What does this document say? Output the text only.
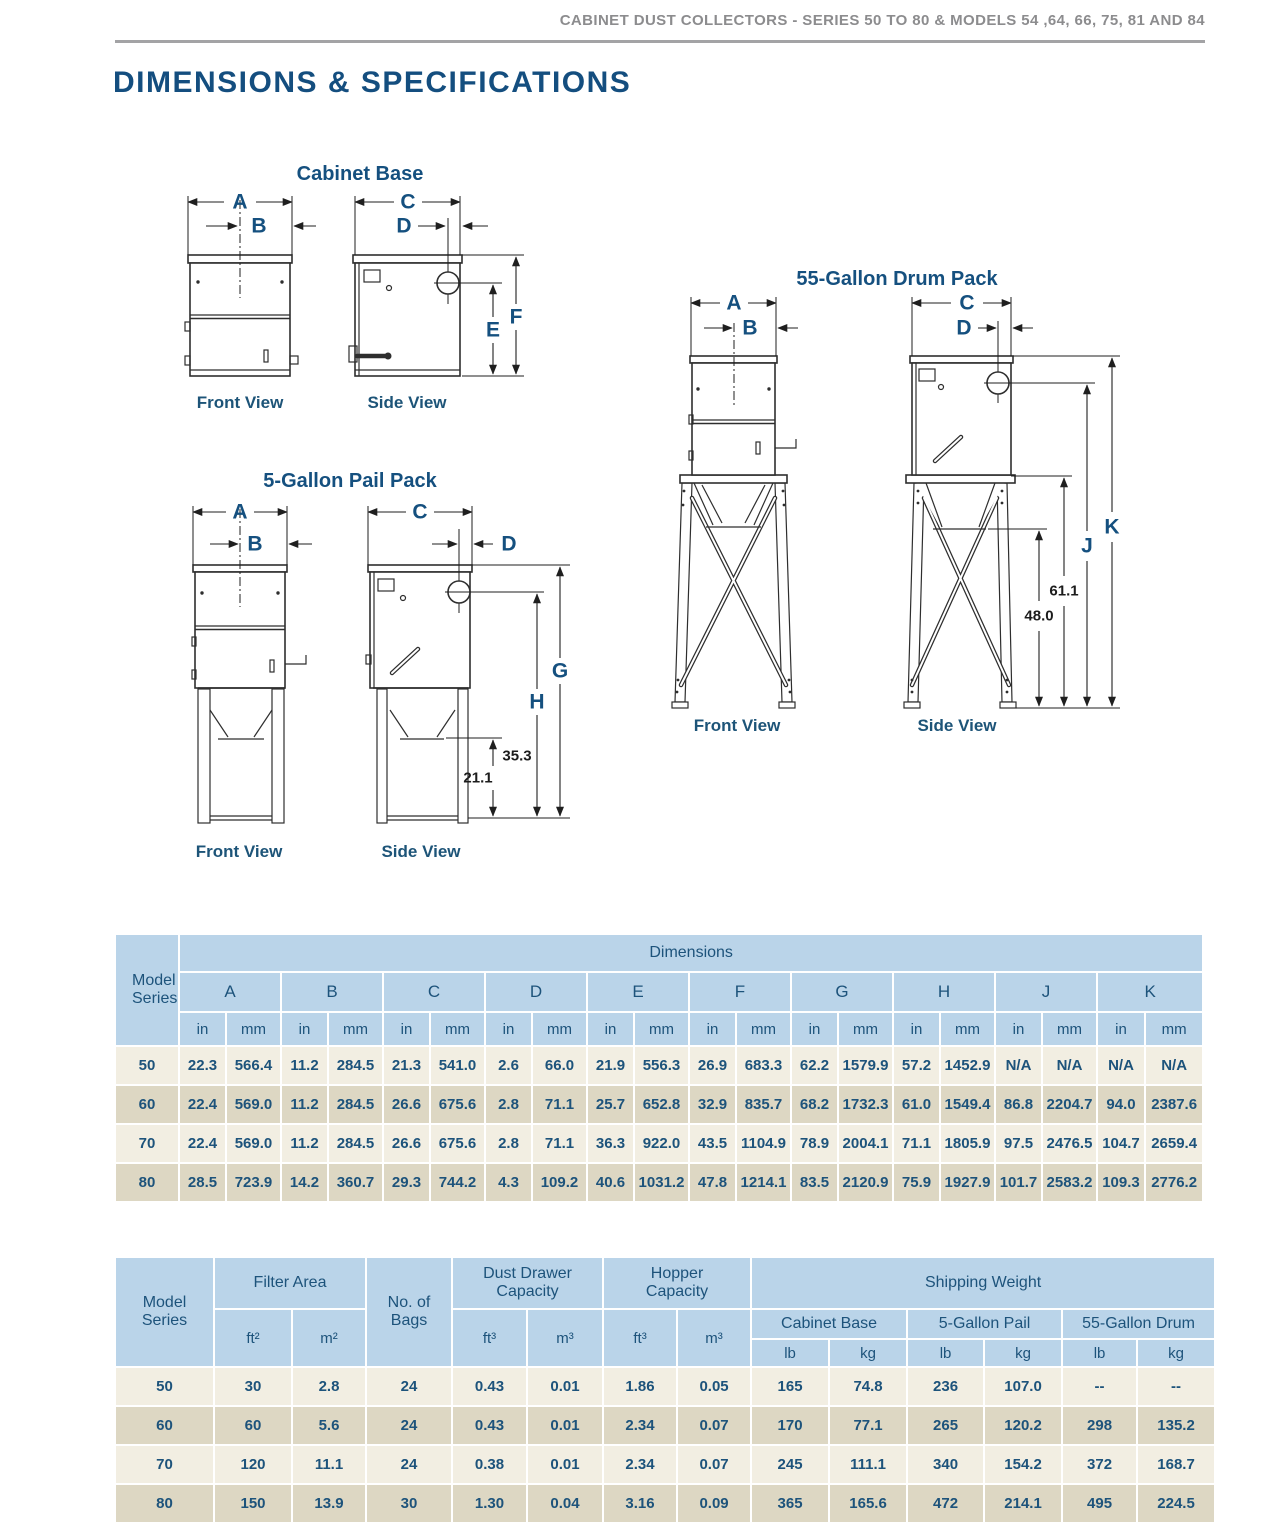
CABINET DUST COLLECTORS - SERIES 50 TO 80 & MODELS 54 ,64, 66, 75, 81 AND 84
DIMENSIONS & SPECIFICATIONS
Cabinet Base
A
B
Front View
C
D
E
F
Side View
5-Gallon Pail Pack
A
B
Front View
C
D
G
H
35.3
21.1
Side View
55-Gallon Drum Pack
A
B
Front View
C
D
K
J
61.1
48.0
Side View
Model Series	Dimensions																			
	A		B		C		D		E		F		G		H		J		K	
	in	mm	in	mm	in	mm	in	mm	in	mm	in	mm	in	mm	in	mm	in	mm	in	mm
50	22.3	566.4	11.2	284.5	21.3	541.0	2.6	66.0	21.9	556.3	26.9	683.3	62.2	1579.9	57.2	1452.9	N/A	N/A	N/A	N/A
60	22.4	569.0	11.2	284.5	26.6	675.6	2.8	71.1	25.7	652.8	32.9	835.7	68.2	1732.3	61.0	1549.4	86.8	2204.7	94.0	2387.6
70	22.4	569.0	11.2	284.5	26.6	675.6	2.8	71.1	36.3	922.0	43.5	1104.9	78.9	2004.1	71.1	1805.9	97.5	2476.5	104.7	2659.4
80	28.5	723.9	14.2	360.7	29.3	744.2	4.3	109.2	40.6	1031.2	47.8	1214.1	83.5	2120.9	75.9	1927.9	101.7	2583.2	109.3	2776.2
Model Series	Filter Area		No. of Bags	Dust Drawer Capacity		Hopper Capacity		Shipping Weight					
	ft²	m²		ft³	m³	ft³	m³	Cabinet Base		5-Gallon Pail		55-Gallon Drum	
								lb	kg	lb	kg	lb	kg
50	30	2.8	24	0.43	0.01	1.86	0.05	165	74.8	236	107.0	--	--
60	60	5.6	24	0.43	0.01	2.34	0.07	170	77.1	265	120.2	298	135.2
70	120	11.1	24	0.38	0.01	2.34	0.07	245	111.1	340	154.2	372	168.7
80	150	13.9	30	1.30	0.04	3.16	0.09	365	165.6	472	214.1	495	224.5
